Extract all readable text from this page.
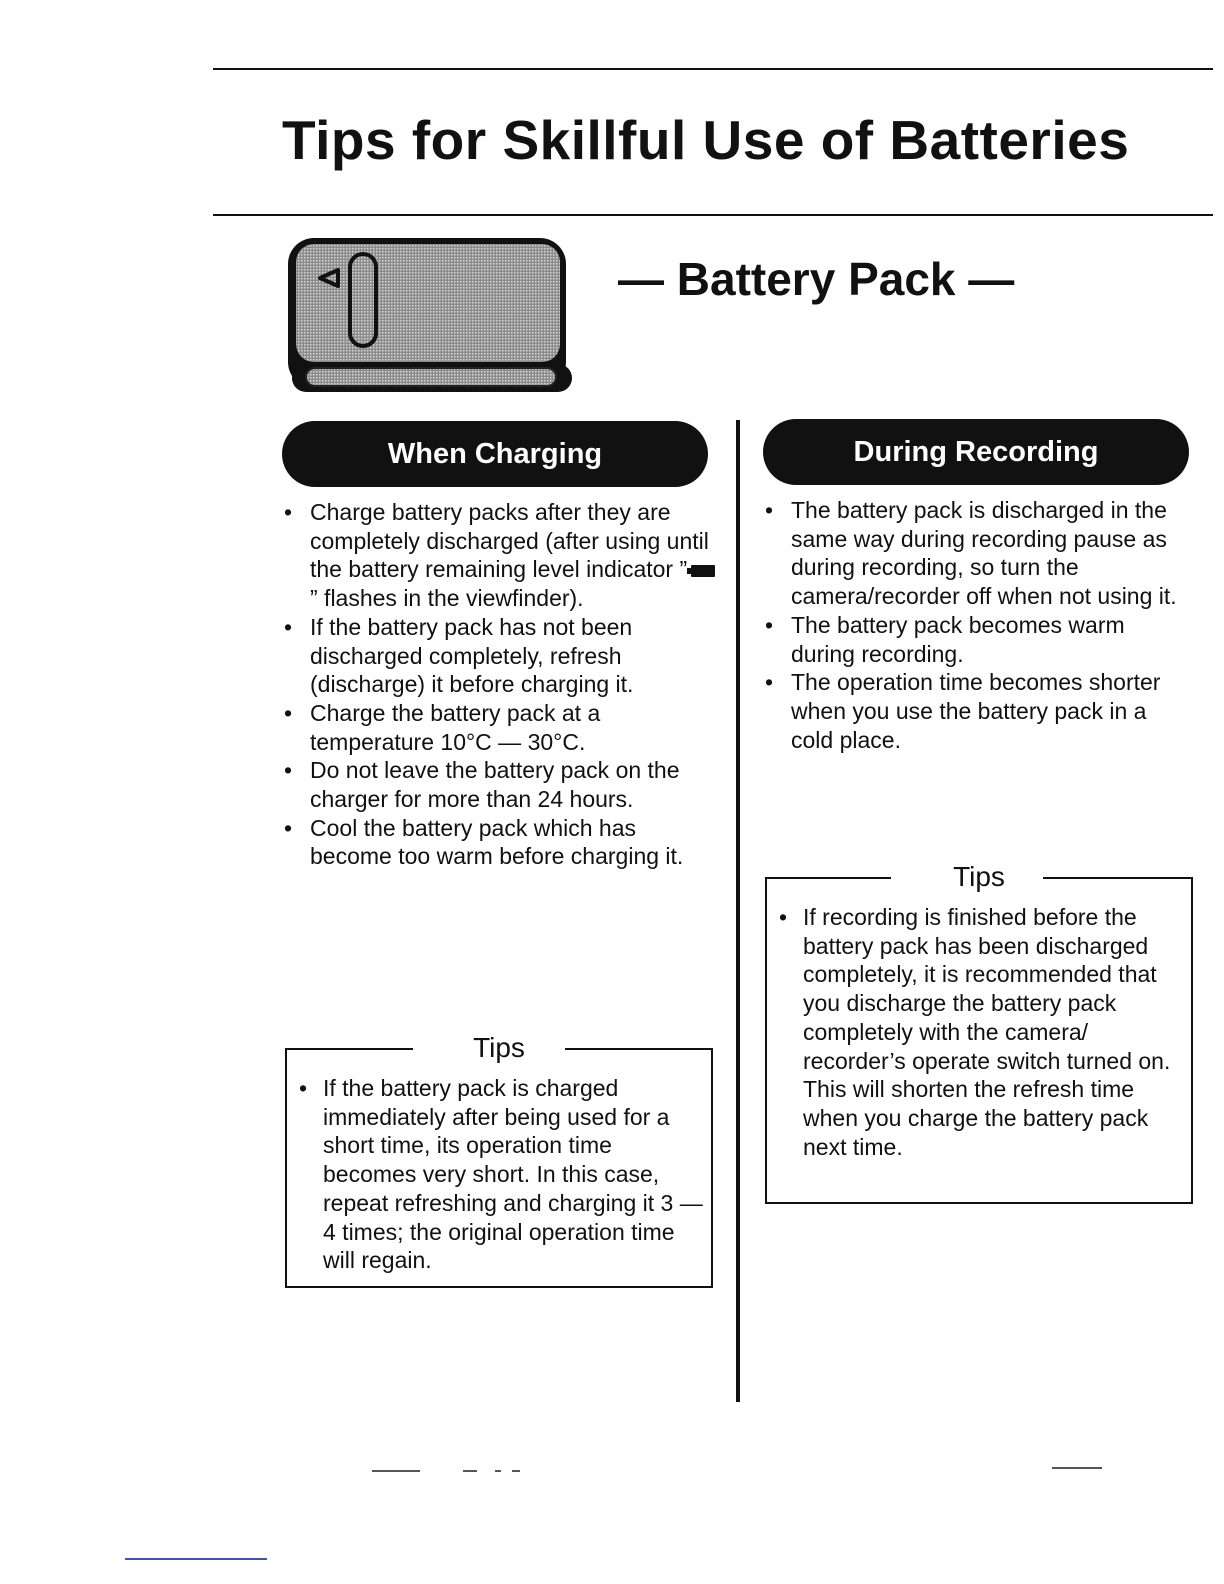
Tips for Skillful Use of Batteries
— Battery Pack —
When Charging
• Charge battery packs after they are completely discharged (after using until the battery remaining level indicator ”” flashes in the viewfinder).
• If the battery pack has not been discharged completely, refresh (discharge) it before charging it.
• Charge the battery pack at a temperature 10°C — 30°C.
• Do not leave the battery pack on the charger for more than 24 hours.
• Cool the battery pack which has become too warm before charging it.
Tips
• If the battery pack is charged immediately after being used for a short time, its operation time becomes very short. In this case, repeat refreshing and charging it 3 — 4 times; the original operation time will regain.
During Recording
• The battery pack is discharged in the same way during recording pause as during recording, so turn the camera/recorder off when not using it.
• The battery pack becomes warm during recording.
• The operation time becomes shorter when you use the battery pack in a cold place.
Tips
• If recording is finished before the battery pack has been discharged completely, it is recommended that you discharge the battery pack completely with the camera/ recorder’s operate switch turned on. This will shorten the refresh time when you charge the battery pack next time.
